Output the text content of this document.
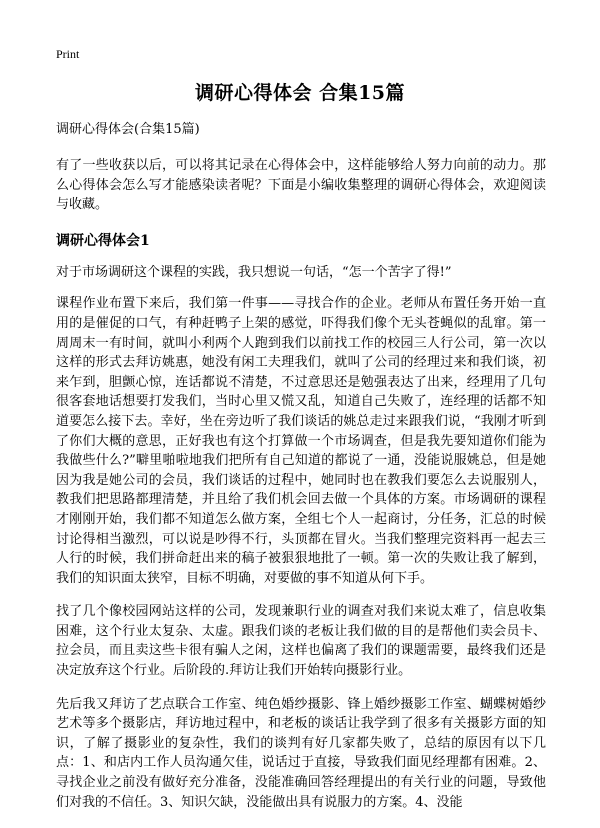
Print
调研心得体会 合集15篇
调研心得体会(合集15篇)

有了一些收获以后，可以将其记录在心得体会中，这样能够给人努力向前的动力。那么心得体会怎么写才能感染读者呢？下面是小编收集整理的调研心得体会，欢迎阅读与收藏。

调研心得体会1

对于市场调研这个课程的实践，我只想说一句话，“怎一个苦字了得!”

课程作业布置下来后，我们第一件事——寻找合作的企业。老师从布置任务开始一直用的是催促的口气，有种赶鸭子上架的感觉，吓得我们像个无头苍蝇似的乱窜。第一周周末一有时间，就叫小利两个人跑到我们以前找工作的校园三人行公司，第一次以这样的形式去拜访姚惠，她没有闲工夫理我们，就叫了公司的经理过来和我们谈，初来乍到，胆颤心惊，连话都说不清楚，不过意思还是勉强表达了出来，经理用了几句很客套地话想要打发我们，当时心里又慌又乱，知道自己失败了，连经理的话都不知道要怎么接下去。幸好，坐在旁边听了我们谈话的姚总走过来跟我们说，“我刚才听到了你们大概的意思，正好我也有这个打算做一个市场调查，但是我先要知道你们能为我做些什么?”噼里啪啦地我们把所有自己知道的都说了一通，没能说服姚总，但是她因为我是她公司的会员，我们谈话的过程中，她同时也在教我们要怎么去说服别人，教我们把思路都理清楚，并且给了我们机会回去做一个具体的方案。市场调研的课程才刚刚开始，我们都不知道怎么做方案，全组七个人一起商讨，分任务，汇总的时候讨论得相当激烈，可以说是吵得不行，头顶都在冒火。当我们整理完资料再一起去三人行的时候，我们拼命赶出来的稿子被狠狠地批了一顿。第一次的失败让我了解到，我们的知识面太狭窄，目标不明确，对要做的事不知道从何下手。

找了几个像校园网站这样的公司，发现兼职行业的调查对我们来说太难了，信息收集困难，这个行业太复杂、太虚。跟我们谈的老板让我们做的目的是帮他们卖会员卡、拉会员，而且卖这些卡很有骗人之闲，这样也偏离了我们的课题需要，最终我们还是决定放弃这个行业。后阶段的.拜访让我们开始转向摄影行业。

先后我又拜访了艺点联合工作室、纯色婚纱摄影、锋上婚纱摄影工作室、蝴蝶树婚纱艺术等多个摄影店，拜访地过程中，和老板的谈话让我学到了很多有关摄影方面的知识，了解了摄影业的复杂性，我们的谈判有好几家都失败了，总结的原因有以下几点：1、和店内工作人员沟通欠佳，说话过于直接，导致我们面见经理都有困难。2、寻找企业之前没有做好充分准备，没能准确回答经理提出的有关行业的问题，导致他们对我的不信任。3、知识欠缺，没能做出具有说服力的方案。4、没能
